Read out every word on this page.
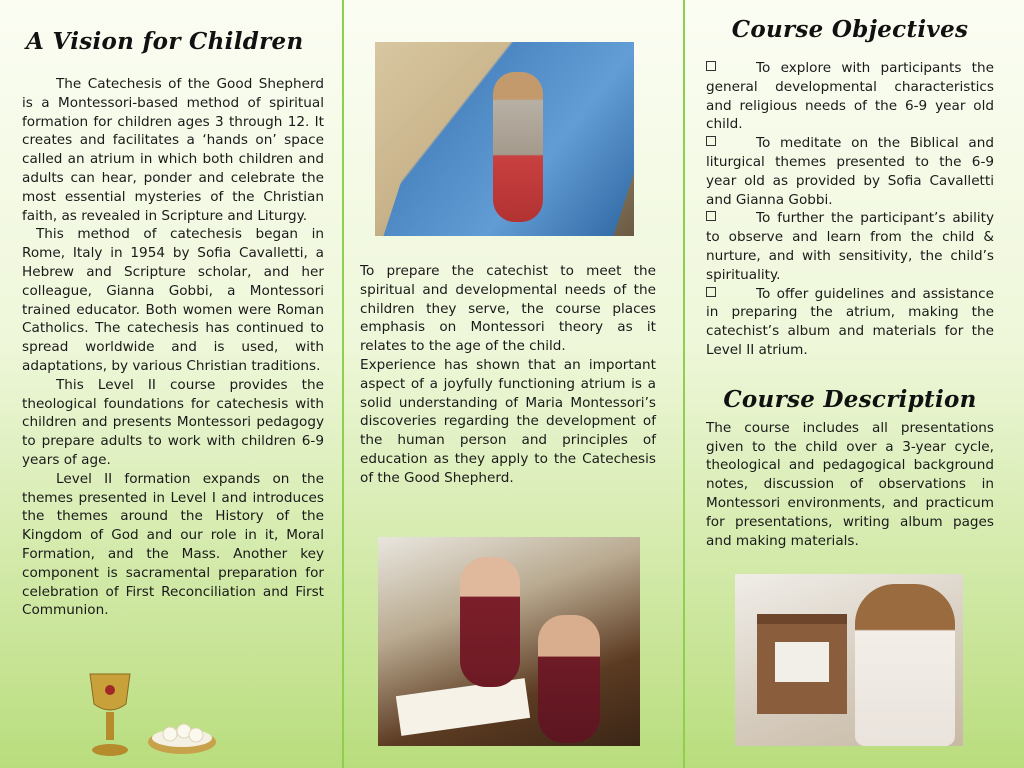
A Vision for Children

The Catechesis of the Good Shepherd is a Montessori-based method of spiritual formation for children ages 3 through 12. It creates and facilitates a ‘hands on’ space called an atrium in which both children and adults can hear, ponder and celebrate the most essential mysteries of the Christian faith, as revealed in Scripture and Liturgy.

This method of catechesis began in Rome, Italy in 1954 by Sofia Cavalletti, a Hebrew and Scripture scholar, and her colleague, Gianna Gobbi, a Montessori trained educator. Both women were Roman Catholics. The catechesis has continued to spread worldwide and is used, with adaptations, by various Christian traditions.

This Level II course provides the theological foundations for catechesis with children and presents Montessori pedagogy to prepare adults to work with children 6-9 years of age.

Level II formation expands on the themes presented in Level I and introduces the themes around the History of the Kingdom of God and our role in it, Moral Formation, and the Mass. Another key component is sacramental preparation for celebration of First Reconciliation and First Communion.

To prepare the catechist to meet the spiritual and developmental needs of the children they serve, the course places emphasis on Montessori theory as it relates to the age of the child.

Experience has shown that an important aspect of a joyfully functioning atrium is a solid understanding of Maria Montessori’s discoveries regarding the development of the human person and principles of education as they apply to the Catechesis of the Good Shepherd.

Course Objectives

To explore with participants the general developmental characteristics and religious needs of the 6-9 year old child.

To meditate on the Biblical and liturgical themes presented to the 6-9 year old as provided by Sofia Cavalletti and Gianna Gobbi.

To further the participant’s ability to observe and learn from the child & nurture, and with sensitivity, the child’s spirituality.

To offer guidelines and assistance in preparing the atrium, making the catechist’s album and materials for the Level II atrium.

Course Description

The course includes all presentations given to the child over a 3-year cycle, theological and pedagogical background notes, discussion of observations in Montessori environments, and practicum for presentations, writing album pages and making materials.
